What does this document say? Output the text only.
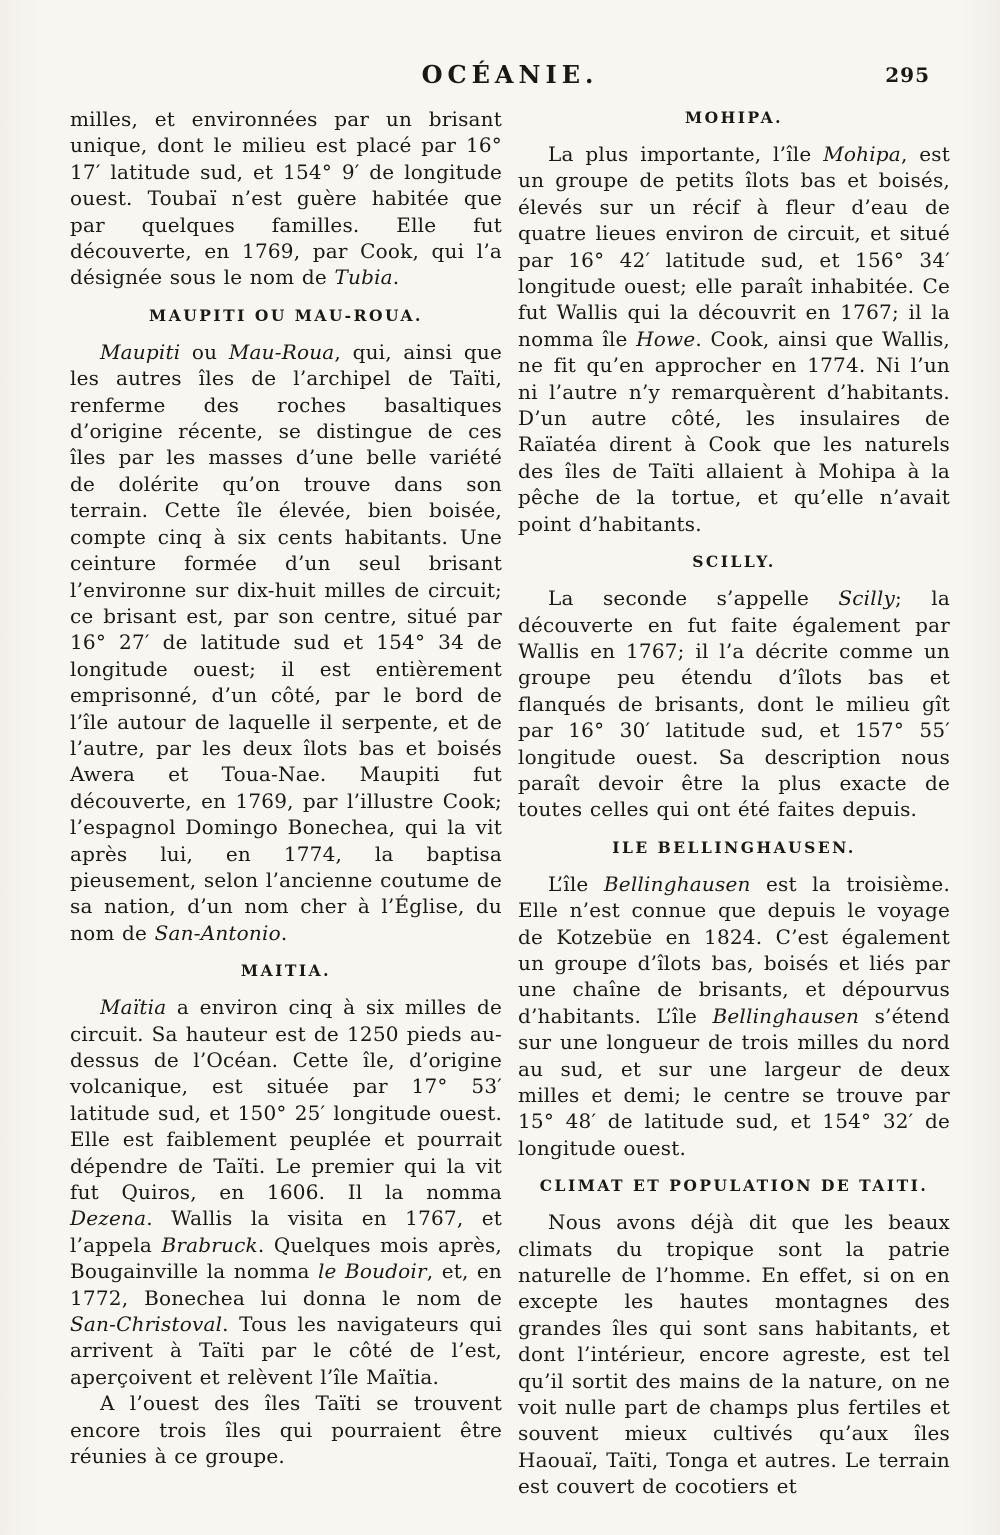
OCÉANIE.	295

milles, et environnées par un brisant unique, dont le milieu est placé par 16° 17′ latitude sud, et 154° 9′ de longitude ouest. Toubaï n’est guère habitée que par quelques familles. Elle fut découverte, en 1769, par Cook, qui l’a désignée sous le nom de Tubia.

MAUPITI OU MAU-ROUA.

Maupiti ou Mau-Roua, qui, ainsi que les autres îles de l’archipel de Taïti, renferme des roches basaltiques d’origine récente, se distingue de ces îles par les masses d’une belle variété de dolérite qu’on trouve dans son terrain. Cette île élevée, bien boisée, compte cinq à six cents habitants. Une ceinture formée d’un seul brisant l’environne sur dix-huit milles de circuit; ce brisant est, par son centre, situé par 16° 27′ de latitude sud et 154° 34 de longitude ouest; il est entièrement emprisonné, d’un côté, par le bord de l’île autour de laquelle il serpente, et de l’autre, par les deux îlots bas et boisés Awera et Toua-Nae. Maupiti fut découverte, en 1769, par l’illustre Cook; l’espagnol Domingo Bonechea, qui la vit après lui, en 1774, la baptisa pieusement, selon l’ancienne coutume de sa nation, d’un nom cher à l’Église, du nom de San-Antonio.

MAITIA.

Maïtia a environ cinq à six milles de circuit. Sa hauteur est de 1250 pieds au-dessus de l’Océan. Cette île, d’origine volcanique, est située par 17° 53′ latitude sud, et 150° 25′ longitude ouest. Elle est faiblement peuplée et pourrait dépendre de Taïti. Le premier qui la vit fut Quiros, en 1606. Il la nomma Dezena. Wallis la visita en 1767, et l’appela Brabruck. Quelques mois après, Bougainville la nomma le Boudoir, et, en 1772, Bonechea lui donna le nom de San-Christoval. Tous les navigateurs qui arrivent à Taïti par le côté de l’est, aperçoivent et relèvent l’île Maïtia.

A l’ouest des îles Taïti se trouvent encore trois îles qui pourraient être réunies à ce groupe.

MOHIPA.

La plus importante, l’île Mohipa, est un groupe de petits îlots bas et boisés, élevés sur un récif à fleur d’eau de quatre lieues environ de circuit, et situé par 16° 42′ latitude sud, et 156° 34′ longitude ouest; elle paraît inhabitée. Ce fut Wallis qui la découvrit en 1767; il la nomma île Howe. Cook, ainsi que Wallis, ne fit qu’en approcher en 1774. Ni l’un ni l’autre n’y remarquèrent d’habitants. D’un autre côté, les insulaires de Raïatéa dirent à Cook que les naturels des îles de Taïti allaient à Mohipa à la pêche de la tortue, et qu’elle n’avait point d’habitants.

SCILLY.

La seconde s’appelle Scilly; la découverte en fut faite également par Wallis en 1767; il l’a décrite comme un groupe peu étendu d’îlots bas et flanqués de brisants, dont le milieu gît par 16° 30′ latitude sud, et 157° 55′ longitude ouest. Sa description nous paraît devoir être la plus exacte de toutes celles qui ont été faites depuis.

ILE BELLINGHAUSEN.

L’île Bellinghausen est la troisième. Elle n’est connue que depuis le voyage de Kotzebüe en 1824. C’est également un groupe d’îlots bas, boisés et liés par une chaîne de brisants, et dépourvus d’habitants. L’île Bellinghausen s’étend sur une longueur de trois milles du nord au sud, et sur une largeur de deux milles et demi; le centre se trouve par 15° 48′ de latitude sud, et 154° 32′ de longitude ouest.

CLIMAT ET POPULATION DE TAITI.

Nous avons déjà dit que les beaux climats du tropique sont la patrie naturelle de l’homme. En effet, si on en excepte les hautes montagnes des grandes îles qui sont sans habitants, et dont l’intérieur, encore agreste, est tel qu’il sortit des mains de la nature, on ne voit nulle part de champs plus fertiles et souvent mieux cultivés qu’aux îles Haouaï, Taïti, Tonga et autres. Le terrain est couvert de cocotiers et
